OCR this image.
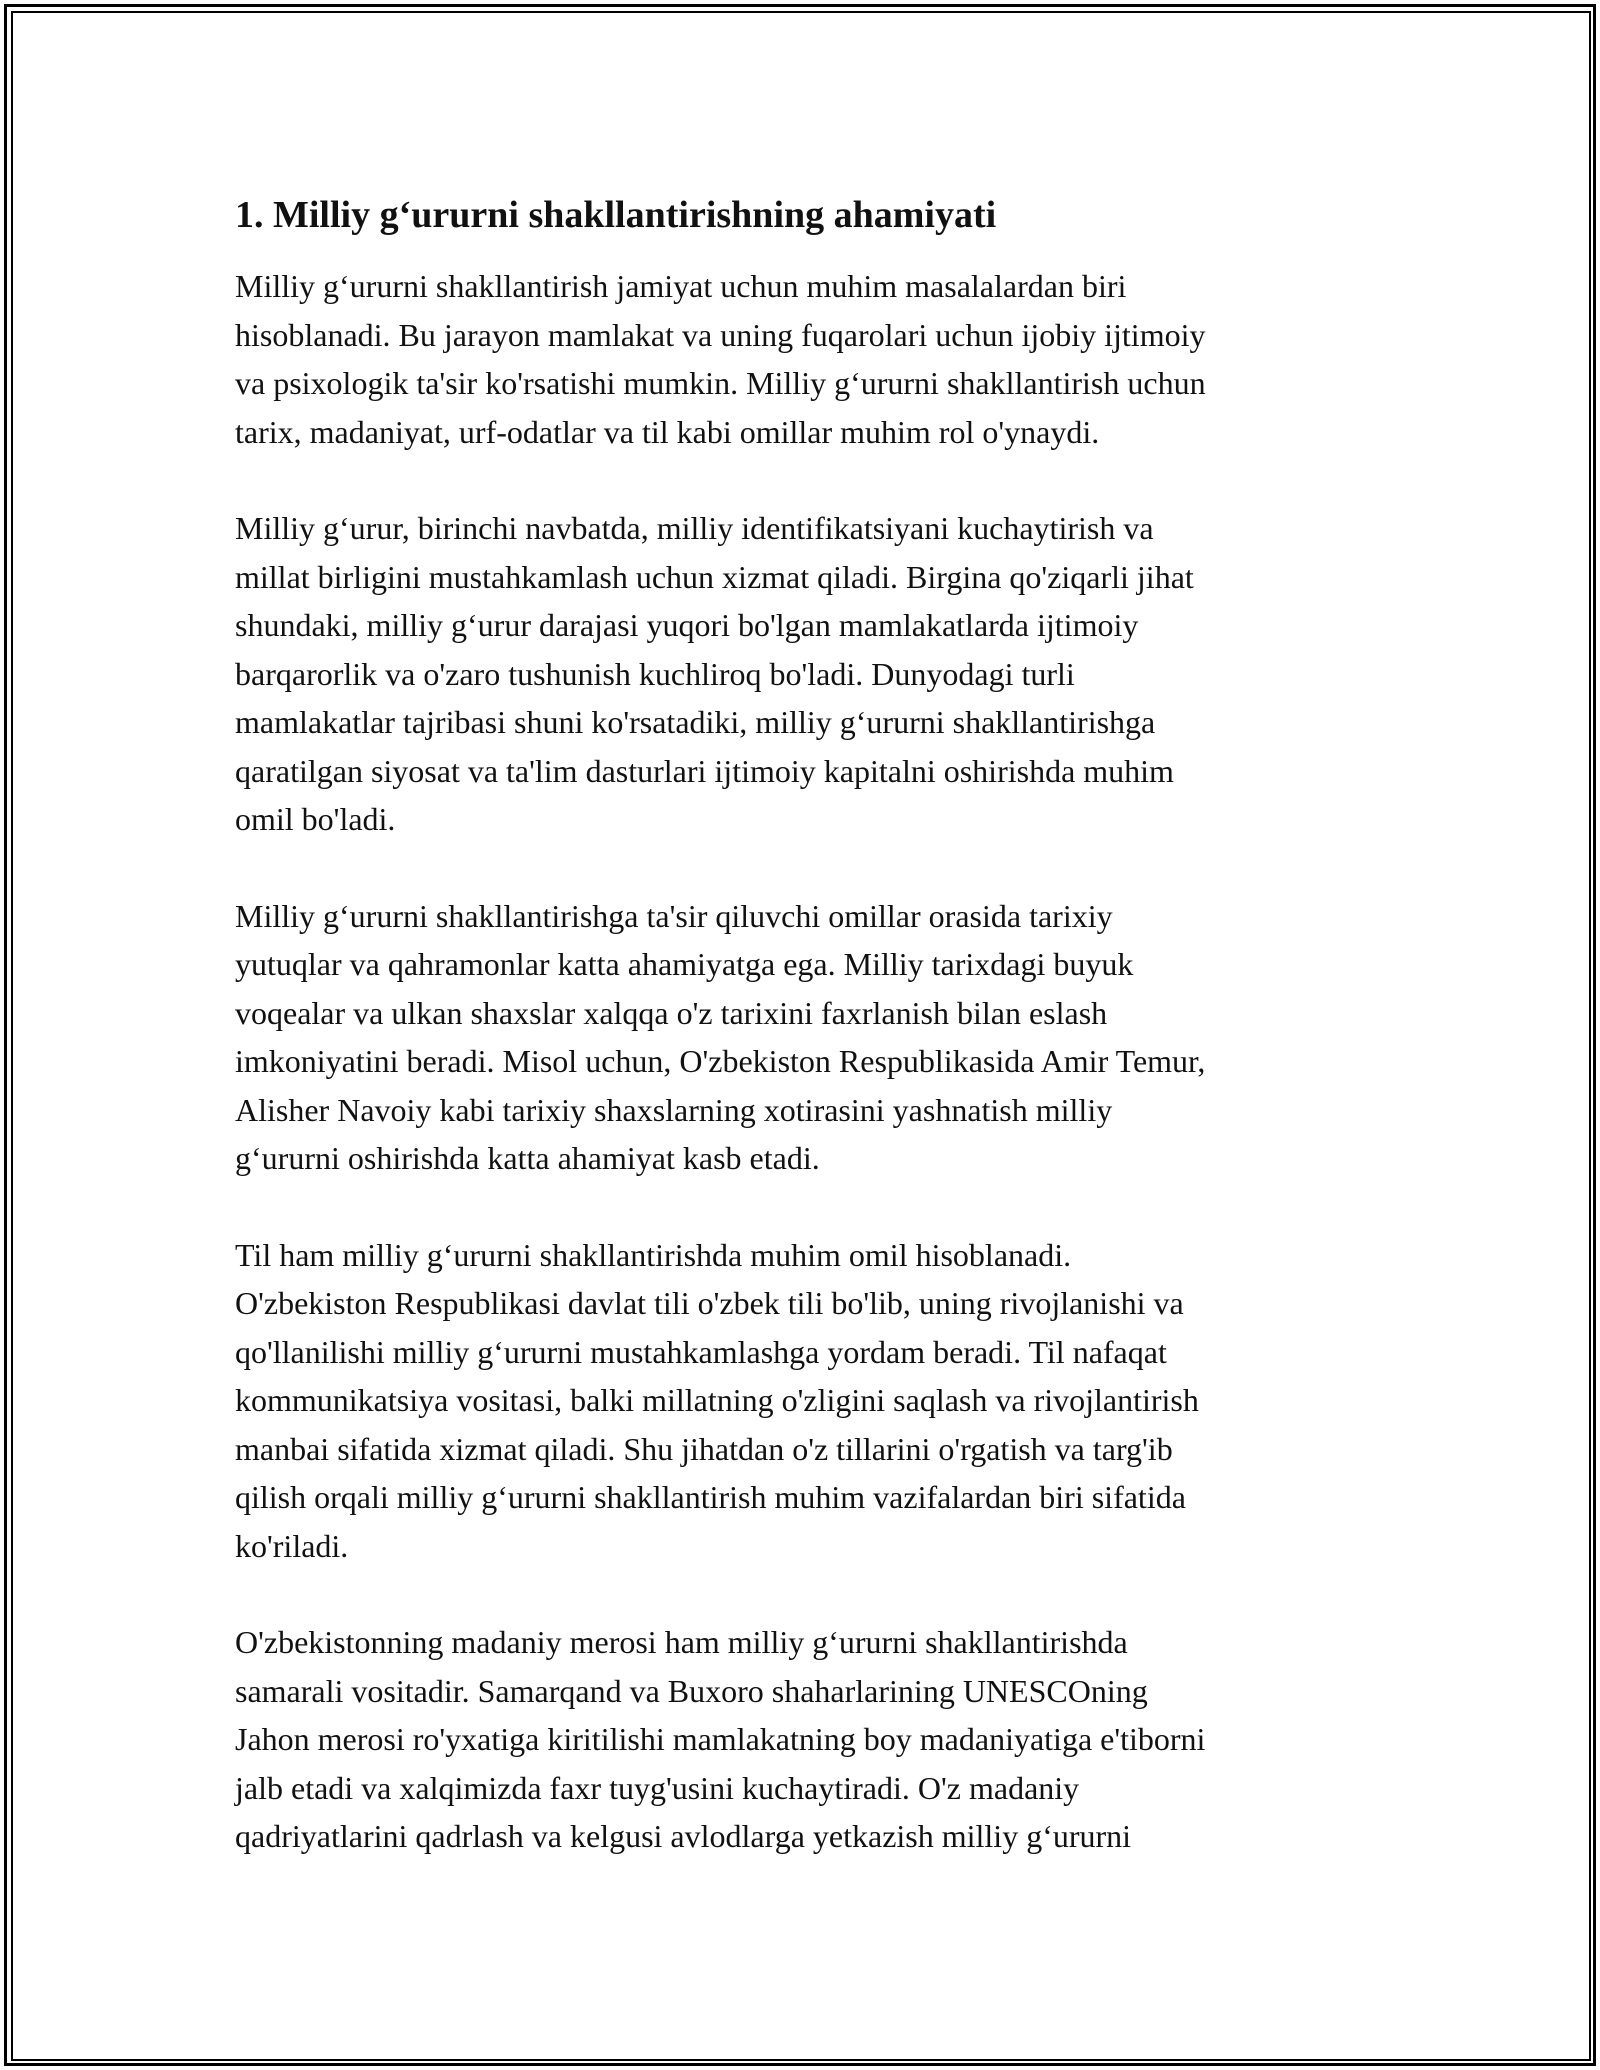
1. Milliy g‘ururni shakllantirishning ahamiyati

Milliy g‘ururni shakllantirish jamiyat uchun muhim masalalardan biri
hisoblanadi. Bu jarayon mamlakat va uning fuqarolari uchun ijobiy ijtimoiy
va psixologik ta'sir ko'rsatishi mumkin. Milliy g‘ururni shakllantirish uchun
tarix, madaniyat, urf-odatlar va til kabi omillar muhim rol o'ynaydi.

Milliy g‘urur, birinchi navbatda, milliy identifikatsiyani kuchaytirish va
millat birligini mustahkamlash uchun xizmat qiladi. Birgina qo'ziqarli jihat
shundaki, milliy g‘urur darajasi yuqori bo'lgan mamlakatlarda ijtimoiy
barqarorlik va o'zaro tushunish kuchliroq bo'ladi. Dunyodagi turli
mamlakatlar tajribasi shuni ko'rsatadiki, milliy g‘ururni shakllantirishga
qaratilgan siyosat va ta'lim dasturlari ijtimoiy kapitalni oshirishda muhim
omil bo'ladi.

Milliy g‘ururni shakllantirishga ta'sir qiluvchi omillar orasida tarixiy
yutuqlar va qahramonlar katta ahamiyatga ega. Milliy tarixdagi buyuk
voqealar va ulkan shaxslar xalqqa o'z tarixini faxrlanish bilan eslash
imkoniyatini beradi. Misol uchun, O'zbekiston Respublikasida Amir Temur,
Alisher Navoiy kabi tarixiy shaxslarning xotirasini yashnatish milliy
g‘ururni oshirishda katta ahamiyat kasb etadi.

Til ham milliy g‘ururni shakllantirishda muhim omil hisoblanadi.
O'zbekiston Respublikasi davlat tili o'zbek tili bo'lib, uning rivojlanishi va
qo'llanilishi milliy g‘ururni mustahkamlashga yordam beradi. Til nafaqat
kommunikatsiya vositasi, balki millatning o'zligini saqlash va rivojlantirish
manbai sifatida xizmat qiladi. Shu jihatdan o'z tillarini o'rgatish va targ'ib
qilish orqali milliy g‘ururni shakllantirish muhim vazifalardan biri sifatida
ko'riladi.

O'zbekistonning madaniy merosi ham milliy g‘ururni shakllantirishda
samarali vositadir. Samarqand va Buxoro shaharlarining UNESCOning
Jahon merosi ro'yxatiga kiritilishi mamlakatning boy madaniyatiga e'tiborni
jalb etadi va xalqimizda faxr tuyg'usini kuchaytiradi. O'z madaniy
qadriyatlarini qadrlash va kelgusi avlodlarga yetkazish milliy g‘ururni
